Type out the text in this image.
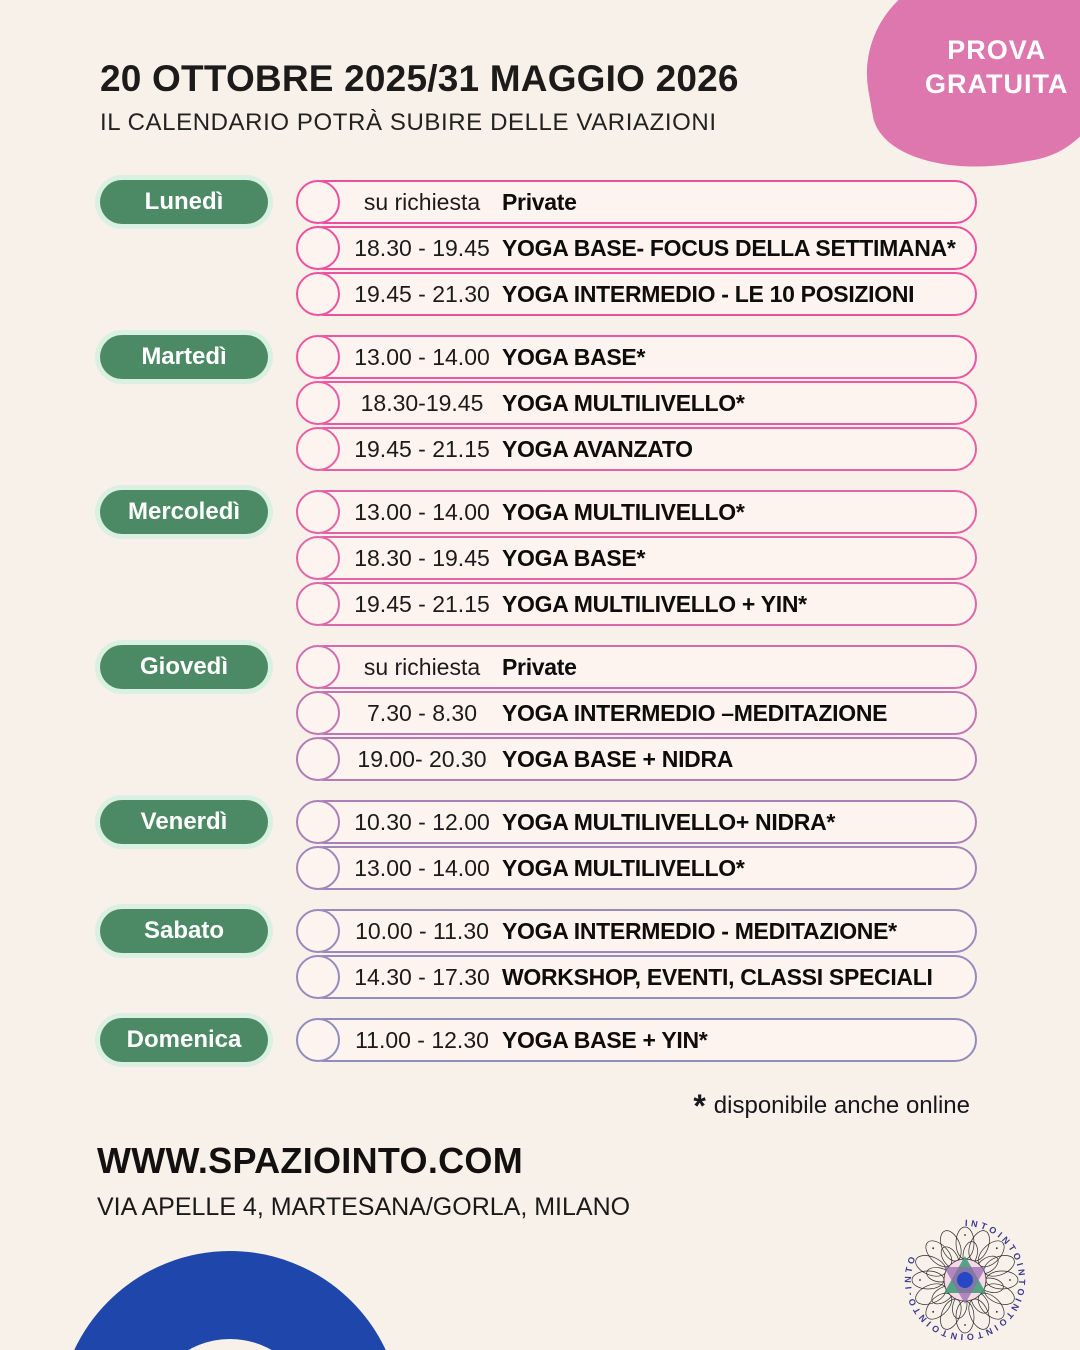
PROVA
GRATUITA
20 OTTOBRE 2025/31 MAGGIO 2026
IL CALENDARIO POTRÀ SUBIRE DELLE VARIAZIONI
Lunedì	su richiesta Private
18.30 - 19.45 YOGA BASE- FOCUS DELLA SETTIMANA*
19.45 - 21.30 YOGA INTERMEDIO - LE 10 POSIZIONI
Martedì	13.00 - 14.00 YOGA BASE*
18.30-19.45 YOGA MULTILIVELLO*
19.45 - 21.15 YOGA AVANZATO
Mercoledì	13.00 - 14.00 YOGA MULTILIVELLO*
18.30 - 19.45 YOGA BASE*
19.45 - 21.15 YOGA MULTILIVELLO + YIN*
Giovedì	su richiesta Private
7.30 - 8.30	YOGA INTERMEDIO –MEDITAZIONE
19.00- 20.30 YOGA BASE + NIDRA
Venerdì	10.30 - 12.00 YOGA MULTILIVELLO+ NIDRA*
13.00 - 14.00 YOGA MULTILIVELLO*
Sabato	10.00 - 11.30 YOGA INTERMEDIO - MEDITAZIONE*
14.30 - 17.30 WORKSHOP, EVENTI, CLASSI SPECIALI
Domenica	11.00 - 12.30 YOGA BASE + YIN*
* disponibile anche online
WWW.SPAZIOINTO.COM
VIA APELLE 4, MARTESANA/GORLA, MILANO
INTOINTOINTOINTOINTOINTOINTO-INTO
